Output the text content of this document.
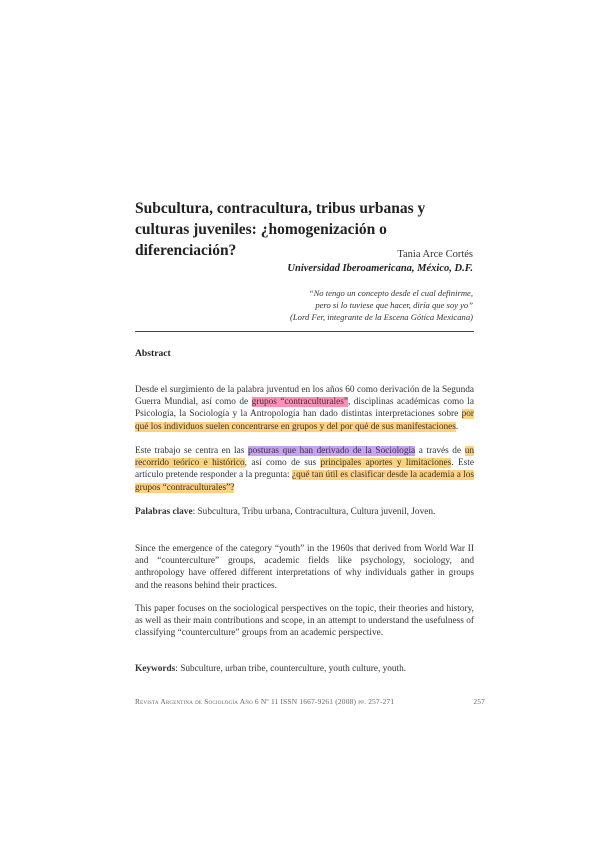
Subcultura, contracultura, tribus urbanas y culturas juveniles: ¿homogenización o diferenciación?	Tania Arce Cortés
Universidad Iberoamericana, México, D.F.
“No tengo un concepto desde el cual definirme,
pero si lo tuviese que hacer, diría que soy yo”
(Lord Fer, integrante de la Escena Gótica Mexicana)
Abstract

Desde el surgimiento de la palabra juventud en los años 60 como derivación de la Segunda Guerra Mundial, así como de grupos “contraculturales”, disciplinas académicas como la Psicología, la Sociología y la Antropología han dado distintas interpretaciones sobre por qué los individuos suelen concentrarse en grupos y del por qué de sus manifestaciones.

Este trabajo se centra en las posturas que han derivado de la Sociología a través de un recorrido teórico e histórico, así como de sus principales aportes y limitaciones. Este artículo pretende responder a la pregunta: ¿qué tan útil es clasificar desde la academia a los grupos “contraculturales”?

Palabras clave: Subcultura, Tribu urbana, Contracultura, Cultura juvenil, Joven.

Since the emergence of the category “youth” in the 1960s that derived from World War II and “counterculture” groups, academic fields like psychology, sociology, and anthropology have offered different interpretations of why individuals gather in groups and the reasons behind their practices.

This paper focuses on the sociological perspectives on the topic, their theories and history, as well as their main contributions and scope, in an attempt to understand the usefulness of classifying “counterculture” groups from an academic perspective.

Keywords: Subculture, urban tribe, counterculture, youth culture, youth.

Revista Argentina de Sociología Año 6 Nº 11 ISSN 1667-9261 (2008) pp. 257-271	257
